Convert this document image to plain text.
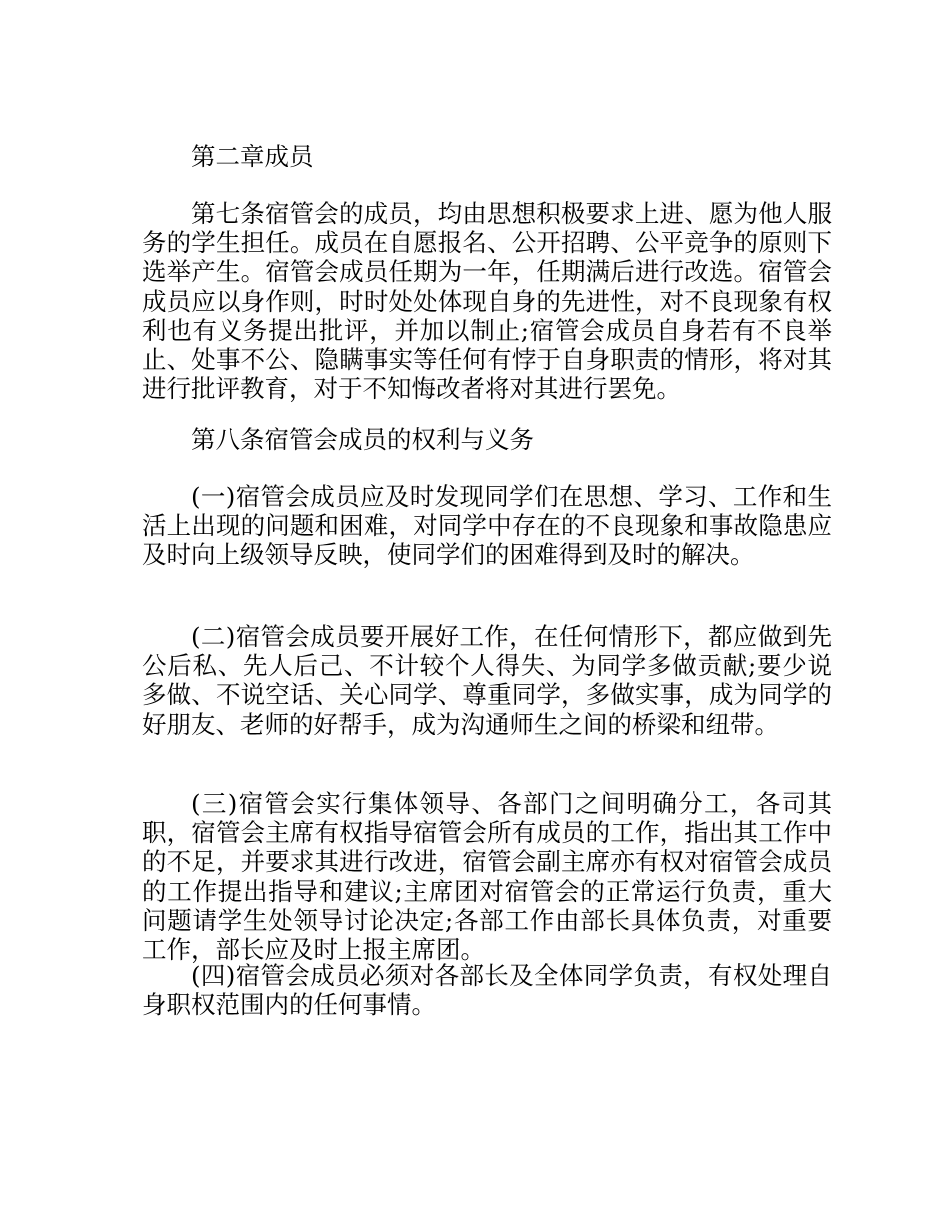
第二章成员

第七条宿管会的成员，均由思想积极要求上进、愿为他人服务的学生担任。成员在自愿报名、公开招聘、公平竞争的原则下选举产生。宿管会成员任期为一年，任期满后进行改选。宿管会成员应以身作则，时时处处体现自身的先进性，对不良现象有权利也有义务提出批评，并加以制止;宿管会成员自身若有不良举止、处事不公、隐瞒事实等任何有悖于自身职责的情形，将对其进行批评教育，对于不知悔改者将对其进行罢免。

第八条宿管会成员的权利与义务

(一)宿管会成员应及时发现同学们在思想、学习、工作和生活上出现的问题和困难，对同学中存在的不良现象和事故隐患应及时向上级领导反映，使同学们的困难得到及时的解决。

(二)宿管会成员要开展好工作，在任何情形下，都应做到先公后私、先人后己、不计较个人得失、为同学多做贡献;要少说多做、不说空话、关心同学、尊重同学，多做实事，成为同学的好朋友、老师的好帮手，成为沟通师生之间的桥梁和纽带。

(三)宿管会实行集体领导、各部门之间明确分工，各司其职，宿管会主席有权指导宿管会所有成员的工作，指出其工作中的不足，并要求其进行改进，宿管会副主席亦有权对宿管会成员的工作提出指导和建议;主席团对宿管会的正常运行负责，重大问题请学生处领导讨论决定;各部工作由部长具体负责，对重要工作，部长应及时上报主席团。

(四)宿管会成员必须对各部长及全体同学负责，有权处理自身职权范围内的任何事情。
